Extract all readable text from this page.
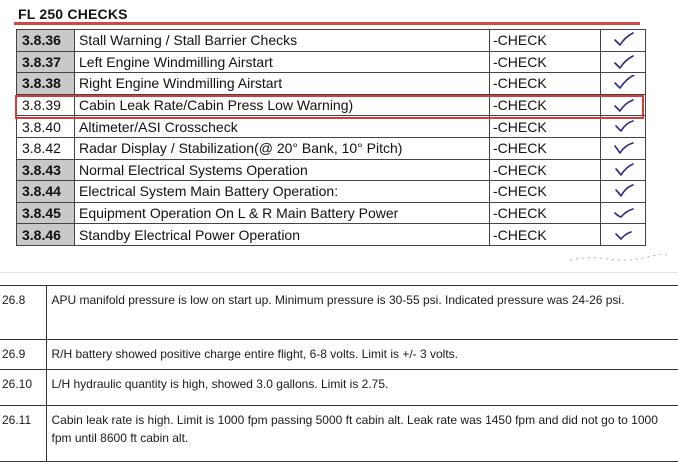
FL 250 CHECKS
3.8.36	Stall Warning / Stall Barrier Checks	-CHECK	

3.8.37	Left Engine Windmilling Airstart	-CHECK	

3.8.38	Right Engine Windmilling Airstart	-CHECK	

3.8.39	Cabin Leak Rate/Cabin Press Low Warning)	-CHECK	

3.8.40	Altimeter/ASI Crosscheck	-CHECK	

3.8.42	Radar Display / Stabilization(@ 20° Bank, 10° Pitch)	-CHECK	

3.8.43	Normal Electrical Systems Operation	-CHECK	

3.8.44	Electrical System Main Battery Operation:	-CHECK	

3.8.45	Equipment Operation On L & R Main Battery Power	-CHECK	

3.8.46	Standby Electrical Power Operation	-CHECK	
26.8	APU manifold pressure is low on start up. Minimum pressure is 30-55 psi. Indicated pressure was 24-26 psi.
26.9	R/H battery showed positive charge entire flight, 6-8 volts. Limit is +/- 3 volts.
26.10	L/H hydraulic quantity is high, showed 3.0 gallons. Limit is 2.75.
26.11	Cabin leak rate is high. Limit is 1000 fpm passing 5000 ft cabin alt. Leak rate was 1450 fpm and did not go to 1000 fpm until 8600 ft cabin alt.
